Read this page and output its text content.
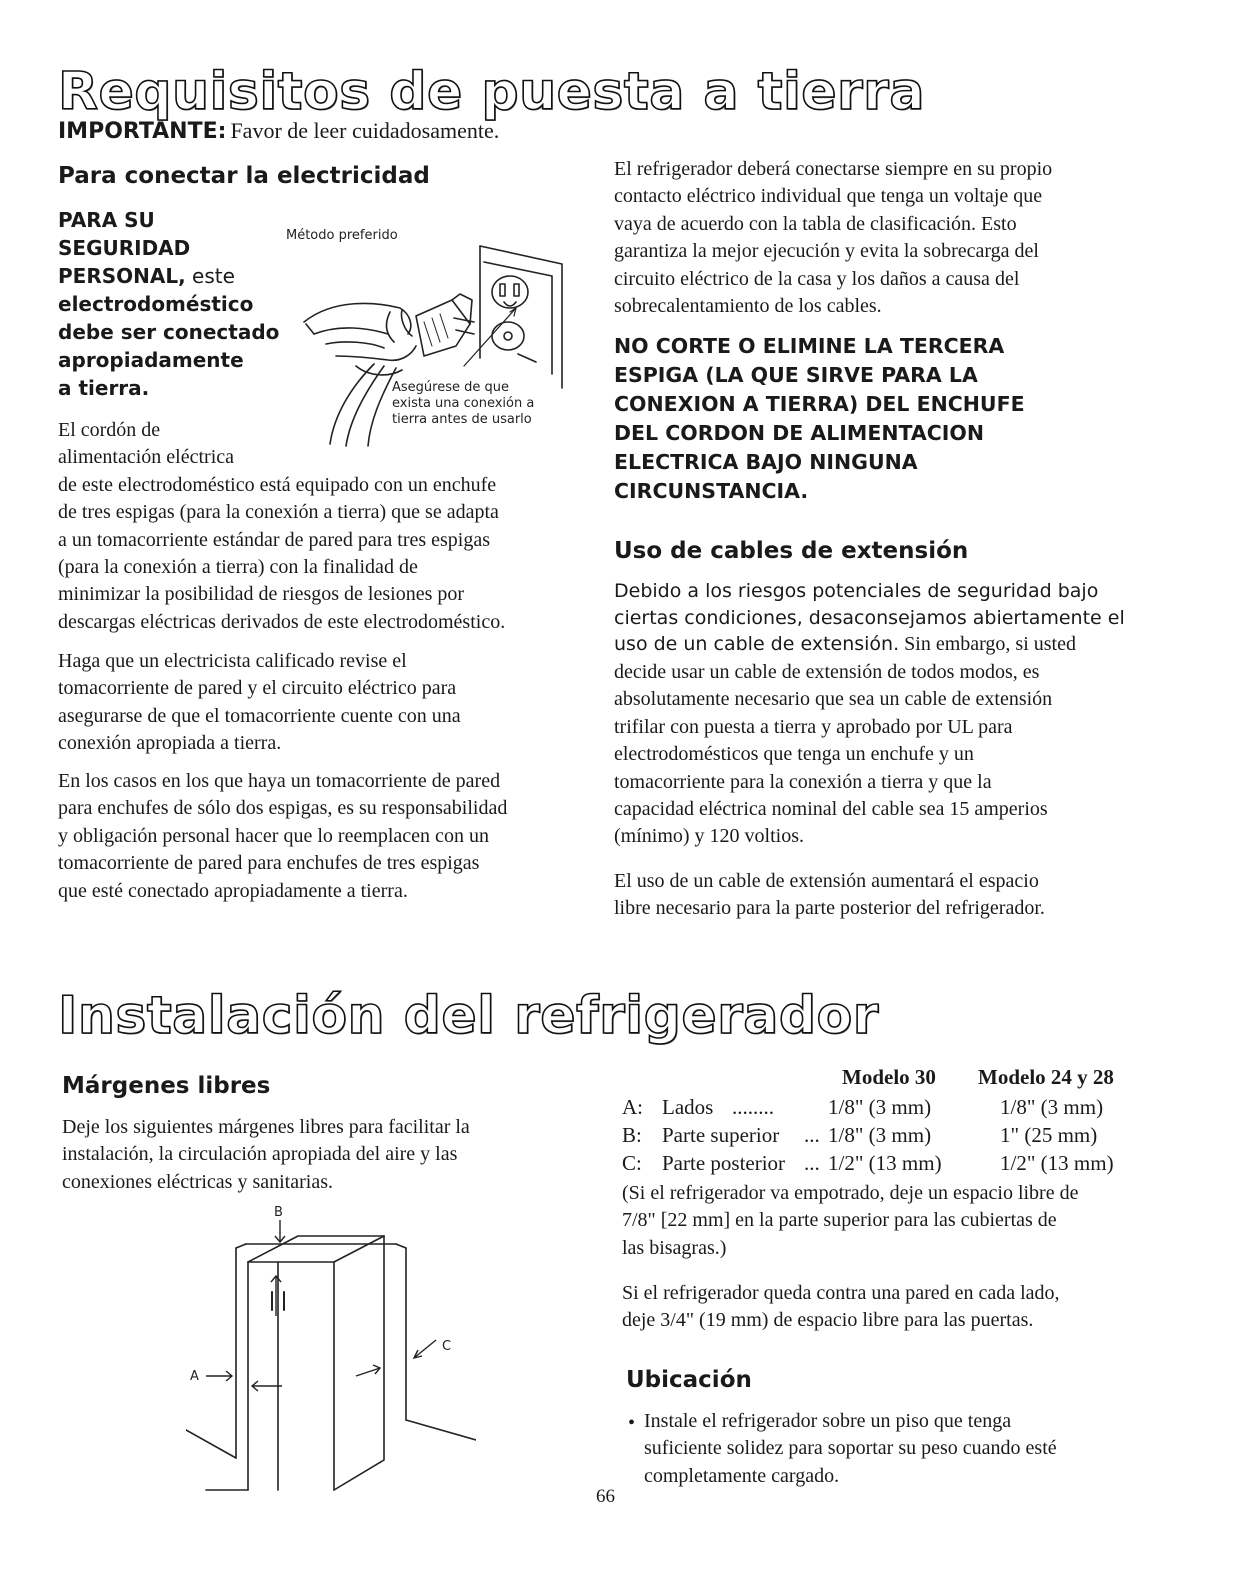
Requisitos de puesta a tierra
IMPORTANTE: Favor de leer cuidadosamente.
Para conectar la electricidad
PARA SU
SEGURIDAD
PERSONAL, este
electrodoméstico
debe ser conectado
apropiadamente
a tierra.
Método preferido
Asegúrese de que
exista una conexión a
tierra antes de usarlo
El cordón de
alimentación eléctrica
de este electrodoméstico está equipado con un enchufe
de tres espigas (para la conexión a tierra) que se adapta
a un tomacorriente estándar de pared para tres espigas
(para la conexión a tierra) con la finalidad de
minimizar la posibilidad de riesgos de lesiones por
descargas eléctricas derivados de este electrodoméstico.
Haga que un electricista calificado revise el
tomacorriente de pared y el circuito eléctrico para
asegurarse de que el tomacorriente cuente con una
conexión apropiada a tierra.
En los casos en los que haya un tomacorriente de pared
para enchufes de sólo dos espigas, es su responsabilidad
y obligación personal hacer que lo reemplacen con un
tomacorriente de pared para enchufes de tres espigas
que esté conectado apropiadamente a tierra.
El refrigerador deberá conectarse siempre en su propio
contacto eléctrico individual que tenga un voltaje que
vaya de acuerdo con la tabla de clasificación. Esto
garantiza la mejor ejecución y evita la sobrecarga del
circuito eléctrico de la casa y los daños a causa del
sobrecalentamiento de los cables.
NO CORTE O ELIMINE LA TERCERA
ESPIGA (LA QUE SIRVE PARA LA
CONEXION A TIERRA) DEL ENCHUFE
DEL CORDON DE ALIMENTACION
ELECTRICA BAJO NINGUNA
CIRCUNSTANCIA.
Uso de cables de extensión
Debido a los riesgos potenciales de seguridad bajo
ciertas condiciones, desaconsejamos abiertamente el
uso de un cable de extensión. Sin embargo, si usted
decide usar un cable de extensión de todos modos, es
absolutamente necesario que sea un cable de extensión
trifilar con puesta a tierra y aprobado por UL para
electrodomésticos que tenga un enchufe y un
tomacorriente para la conexión a tierra y que la
capacidad eléctrica nominal del cable sea 15 amperios
(mínimo) y 120 voltios.
El uso de un cable de extensión aumentará el espacio
libre necesario para la parte posterior del refrigerador.
Instalación del refrigerador
Márgenes libres
Deje los siguientes márgenes libres para facilitar la
instalación, la circulación apropiada del aire y las
conexiones eléctricas y sanitarias.
B
A
C
Modelo 30 Modelo 24 y 28
A: Lados ........	1/8" (3 mm)	1/8" (3 mm)
B: Parte superior ... 1/8" (3 mm)	1" (25 mm)
C: Parte posterior ... 1/2" (13 mm)	1/2" (13 mm)
(Si el refrigerador va empotrado, deje un espacio libre de
7/8" [22 mm] en la parte superior para las cubiertas de
las bisagras.)
Si el refrigerador queda contra una pared en cada lado,
deje 3/4" (19 mm) de espacio libre para las puertas.
Ubicación
• Instale el refrigerador sobre un piso que tenga
suficiente solidez para soportar su peso cuando esté
completamente cargado.
66
